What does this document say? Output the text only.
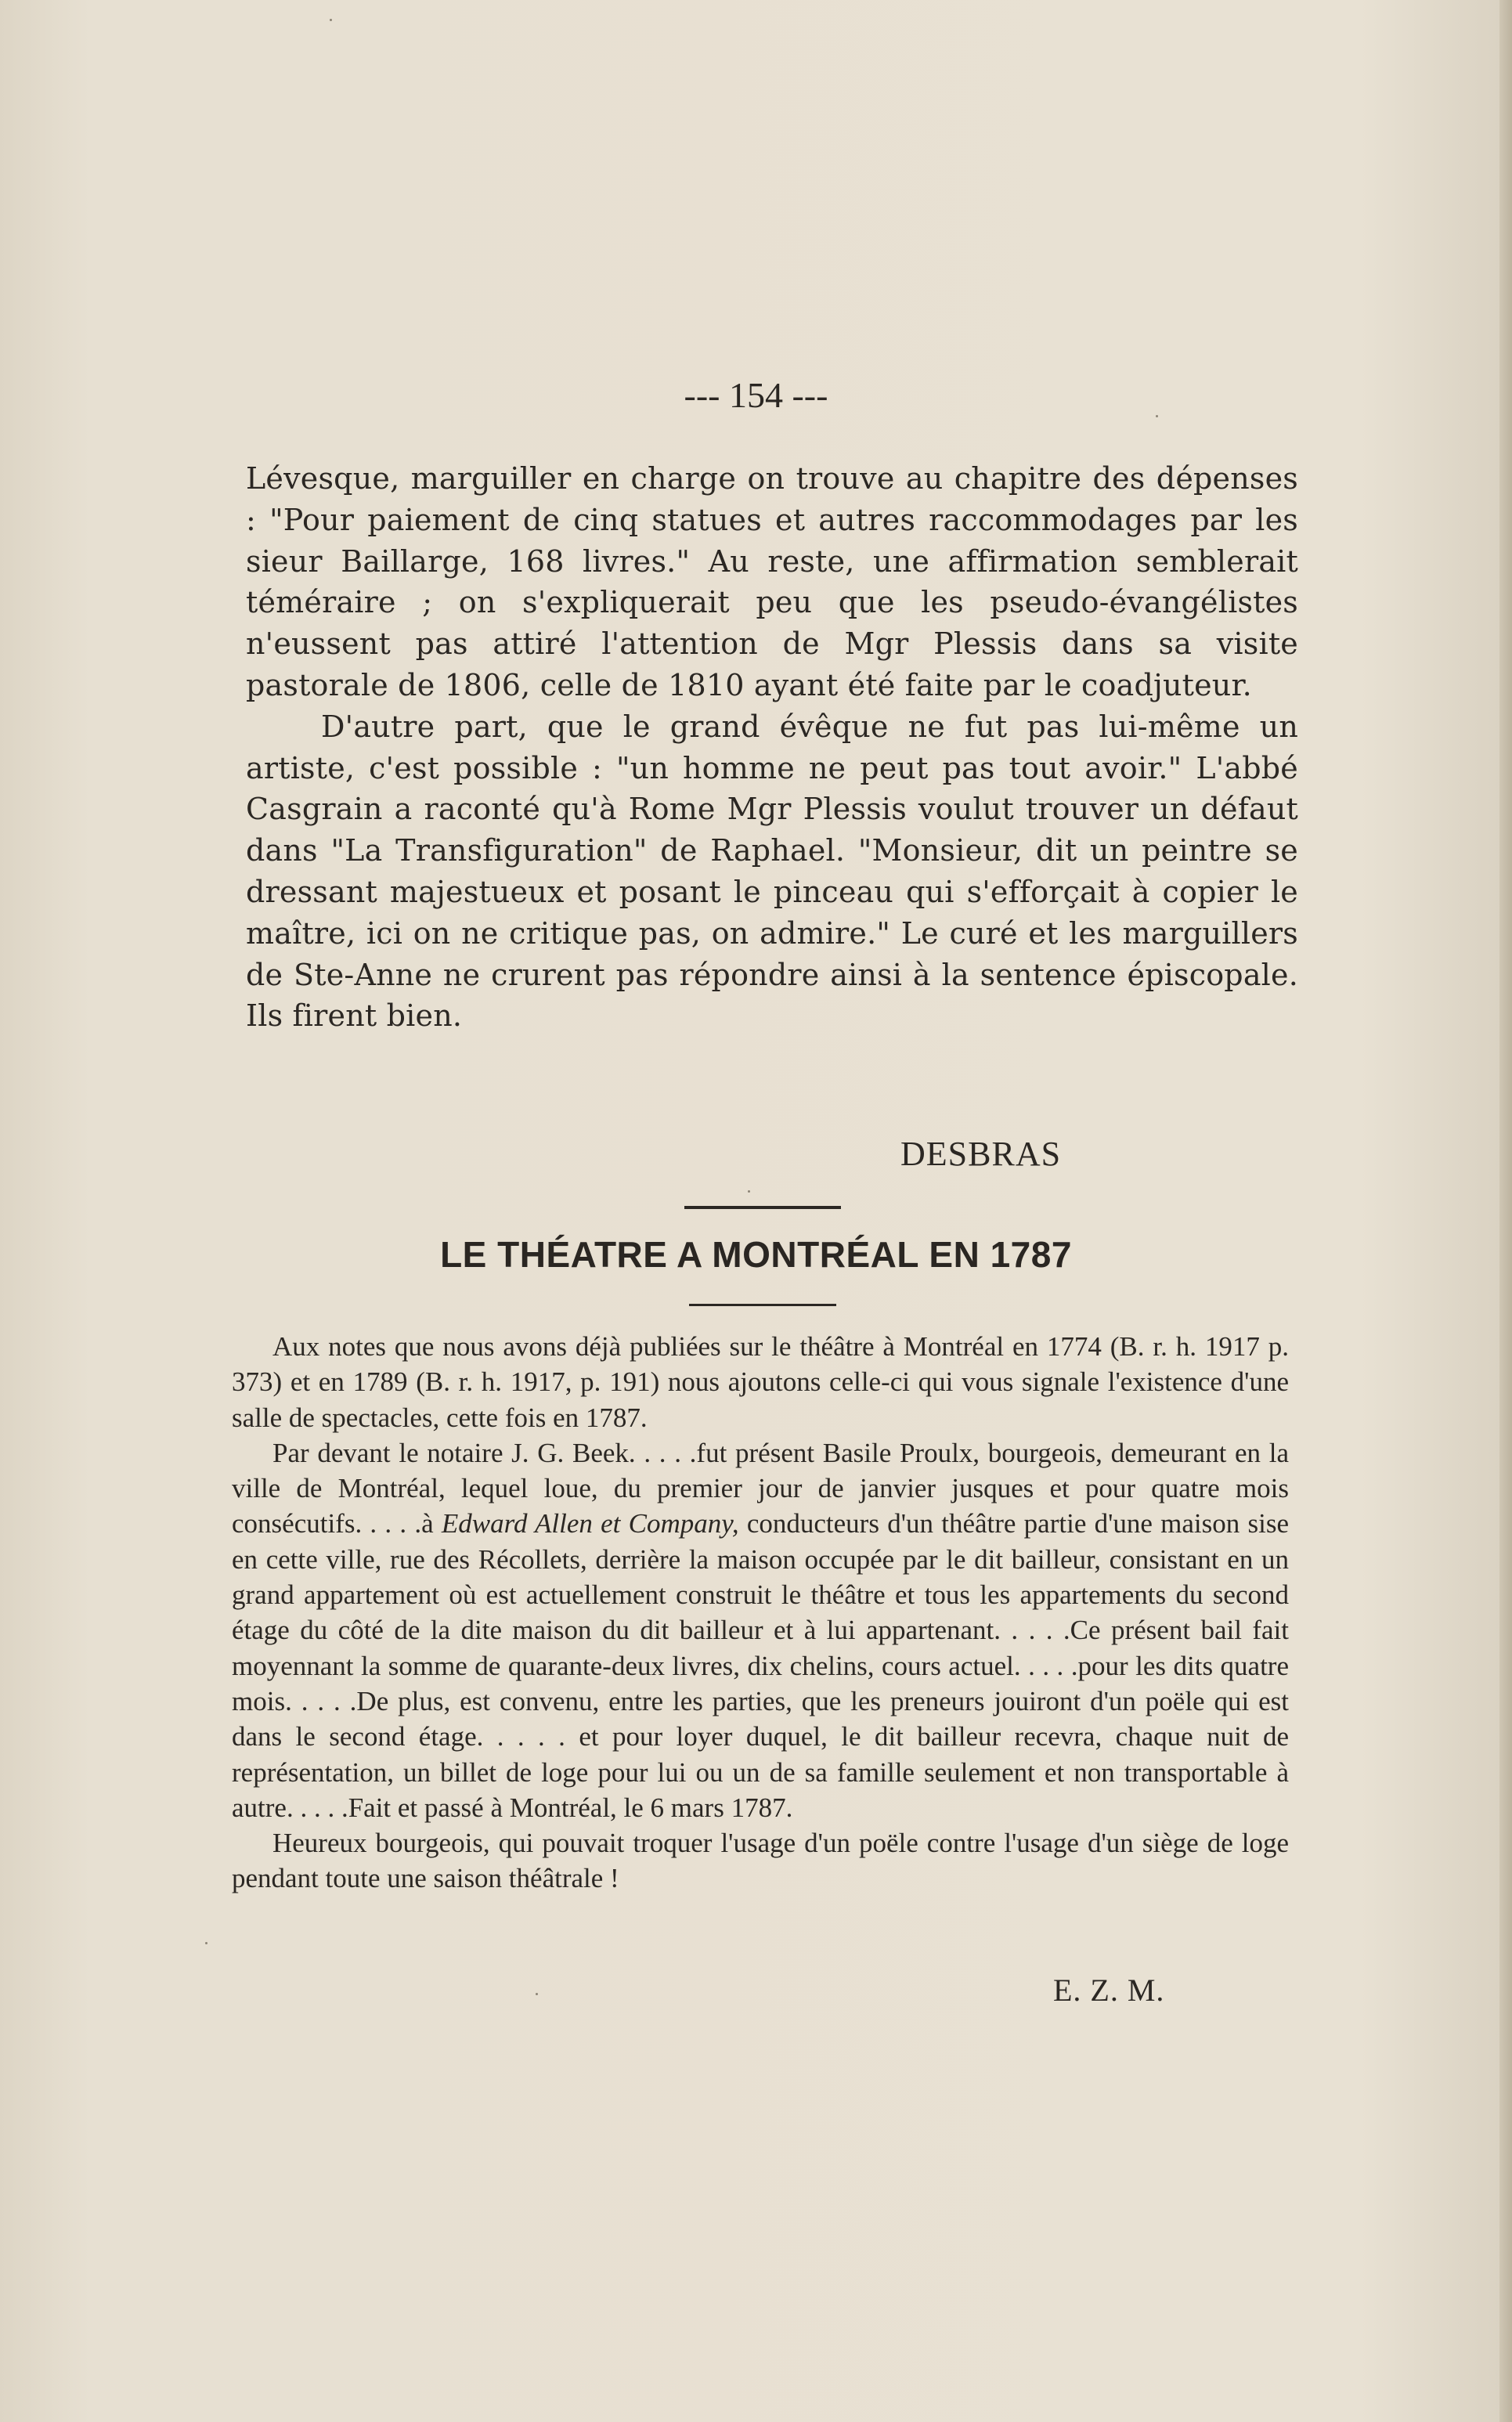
--- 154 ---

Lévesque, marguiller en charge on trouve au chapitre des dépenses : "Pour paiement de cinq statues et autres raccommodages par les sieur Baillarge, 168 livres." Au reste, une affirmation semblerait téméraire ; on s'expliquerait peu que les pseudo-évangélistes n'eussent pas attiré l'attention de Mgr Plessis dans sa visite pastorale de 1806, celle de 1810 ayant été faite par le coadjuteur.

D'autre part, que le grand évêque ne fut pas lui-même un artiste, c'est possible : "un homme ne peut pas tout avoir." L'abbé Casgrain a raconté qu'à Rome Mgr Plessis voulut trouver un défaut dans "La Transfiguration" de Raphael. "Monsieur, dit un peintre se dressant majestueux et posant le pinceau qui s'efforçait à copier le maître, ici on ne critique pas, on admire." Le curé et les marguillers de Ste-Anne ne crurent pas répondre ainsi à la sentence épiscopale. Ils firent bien.

DESBRAS
LE THÉATRE A MONTRÉAL EN 1787

Aux notes que nous avons déjà publiées sur le théâtre à Montréal en 1774 (B. r. h. 1917 p. 373) et en 1789 (B. r. h. 1917, p. 191) nous ajoutons celle-ci qui vous signale l'existence d'une salle de spectacles, cette fois en 1787.

Par devant le notaire J. G. Beek. . . . .fut présent Basile Proulx, bourgeois, demeurant en la ville de Montréal, lequel loue, du premier jour de janvier jusques et pour quatre mois consécutifs. . . . .à Edward Allen et Company, conducteurs d'un théâtre partie d'une maison sise en cette ville, rue des Récollets, derrière la maison occupée par le dit bailleur, consistant en un grand appartement où est actuellement construit le théâtre et tous les appartements du second étage du côté de la dite maison du dit bailleur et à lui appartenant. . . . .Ce présent bail fait moyennant la somme de quarante-deux livres, dix chelins, cours actuel. . . . .pour les dits quatre mois. . . . .De plus, est convenu, entre les parties, que les preneurs jouiront d'un poële qui est dans le second étage. . . . . et pour loyer duquel, le dit bailleur recevra, chaque nuit de représentation, un billet de loge pour lui ou un de sa famille seulement et non transportable à autre. . . . .Fait et passé à Montréal, le 6 mars 1787.

Heureux bourgeois, qui pouvait troquer l'usage d'un poële contre l'usage d'un siège de loge pendant toute une saison théâtrale !

E. Z. M.
